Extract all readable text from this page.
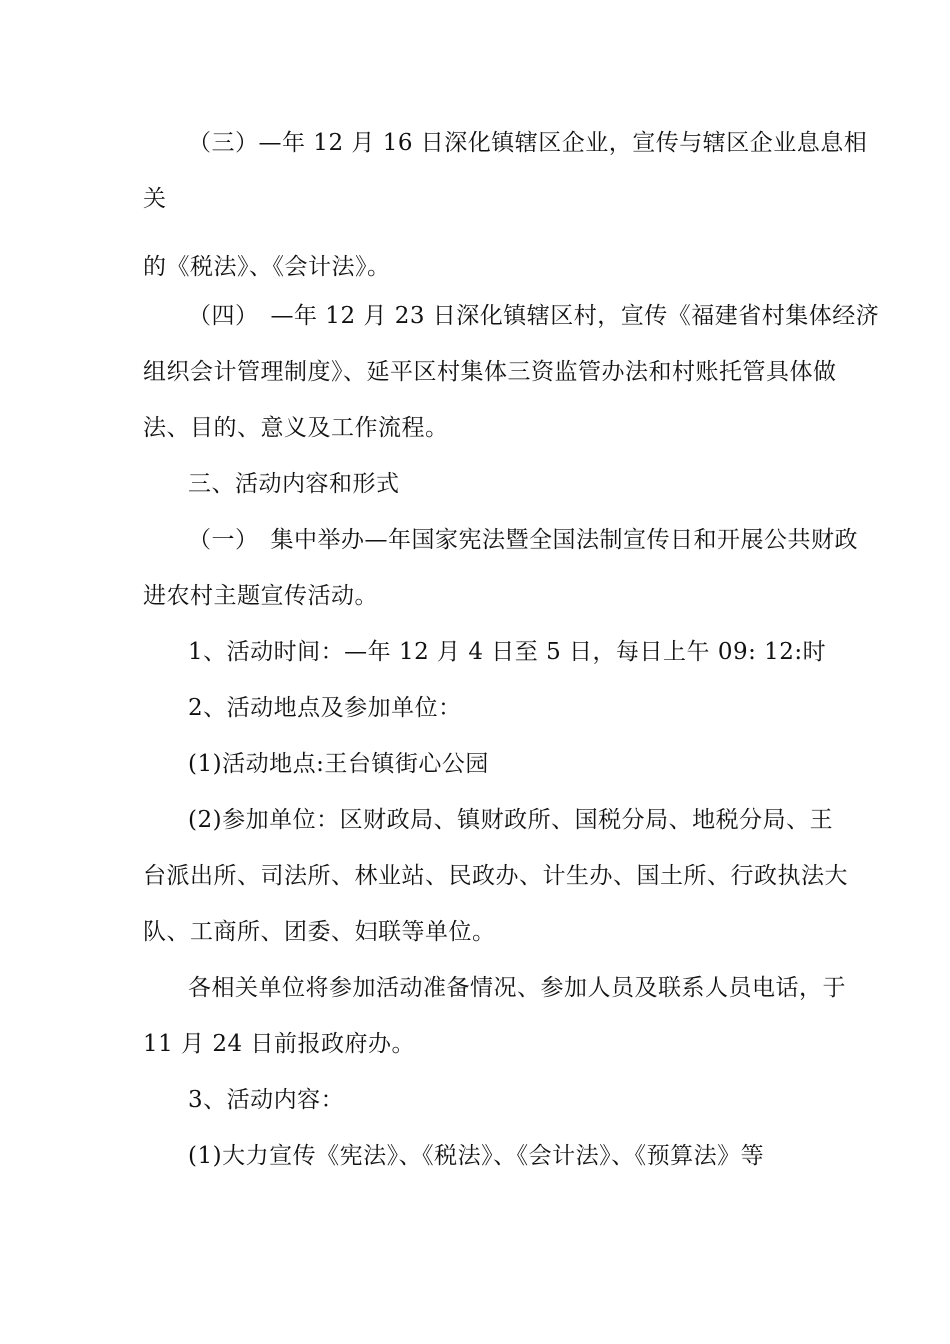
（三）—年 12 月 16 日深化镇辖区企业，宣传与辖区企业息息相
关
的《税法》、《会计法》。
（四）　—年 12 月 23 日深化镇辖区村，宣传《福建省村集体经济
组织会计管理制度》、延平区村集体三资监管办法和村账托管具体做
法、目的、意义及工作流程。
三、活动内容和形式
（一）　集中举办—年国家宪法暨全国法制宣传日和开展公共财政
进农村主题宣传活动。
1、活动时间：—年 12 月 4 日至 5 日，每日上午 09: 12:时
2、活动地点及参加单位：
(1)活动地点:王台镇街心公园
(2)参加单位：区财政局、镇财政所、国税分局、地税分局、王
台派出所、司法所、林业站、民政办、计生办、国土所、行政执法大
队、工商所、团委、妇联等单位。
各相关单位将参加活动准备情况、参加人员及联系人员电话，于
11 月 24 日前报政府办。
3、活动内容：
(1)大力宣传《宪法》、《税法》、《会计法》、《预算法》等
